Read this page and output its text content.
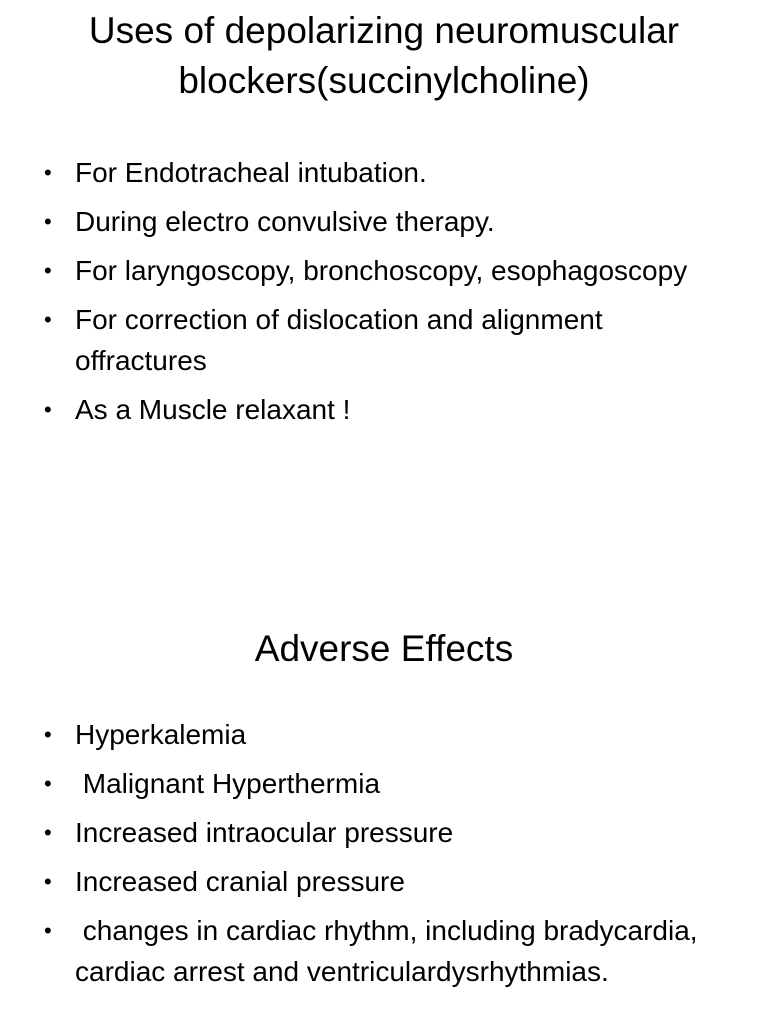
Uses of depolarizing neuromuscular blockers(succinylcholine)
• For Endotracheal intubation.
• During electro convulsive therapy.
• For laryngoscopy, bronchoscopy, esophagoscopy
• For correction of dislocation and alignment offractures
• As a Muscle relaxant !
Adverse Effects
• Hyperkalemia
• Malignant Hyperthermia
• Increased intraocular pressure
• Increased cranial pressure
• changes in cardiac rhythm, including bradycardia, cardiac arrest and ventriculardysrhythmias.
